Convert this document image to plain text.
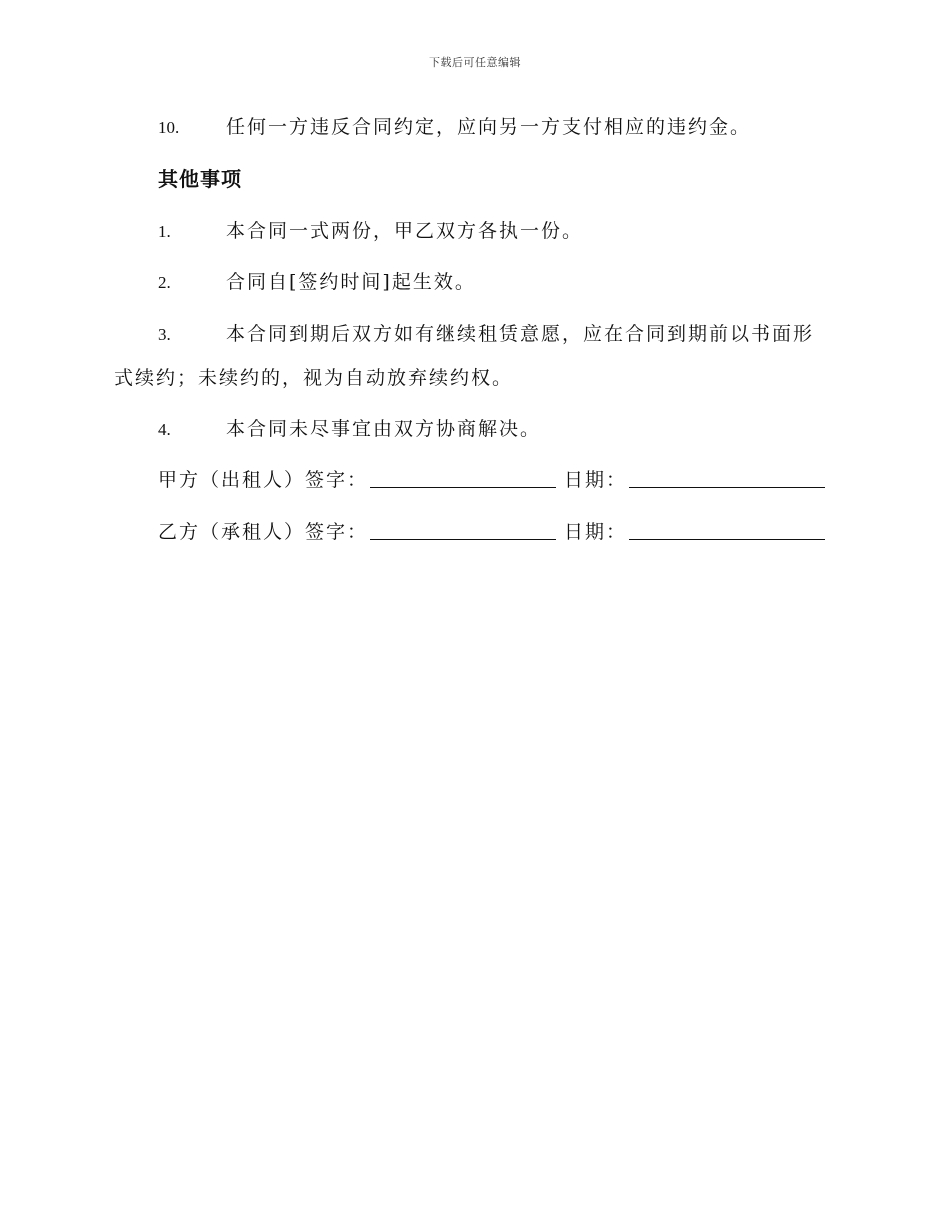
下载后可任意编辑
10. 任何一方违反合同约定，应向另一方支付相应的违约金。
其他事项
1.	本合同一式两份，甲乙双方各执一份。
2.	合同自[签约时间]起生效。
3.	本合同到期后双方如有继续租赁意愿，应在合同到期前以书面形
式续约；未续约的，视为自动放弃续约权。
4.	本合同未尽事宜由双方协商解决。
甲方（出租人）签字：	日期：
乙方（承租人）签字：	日期：
